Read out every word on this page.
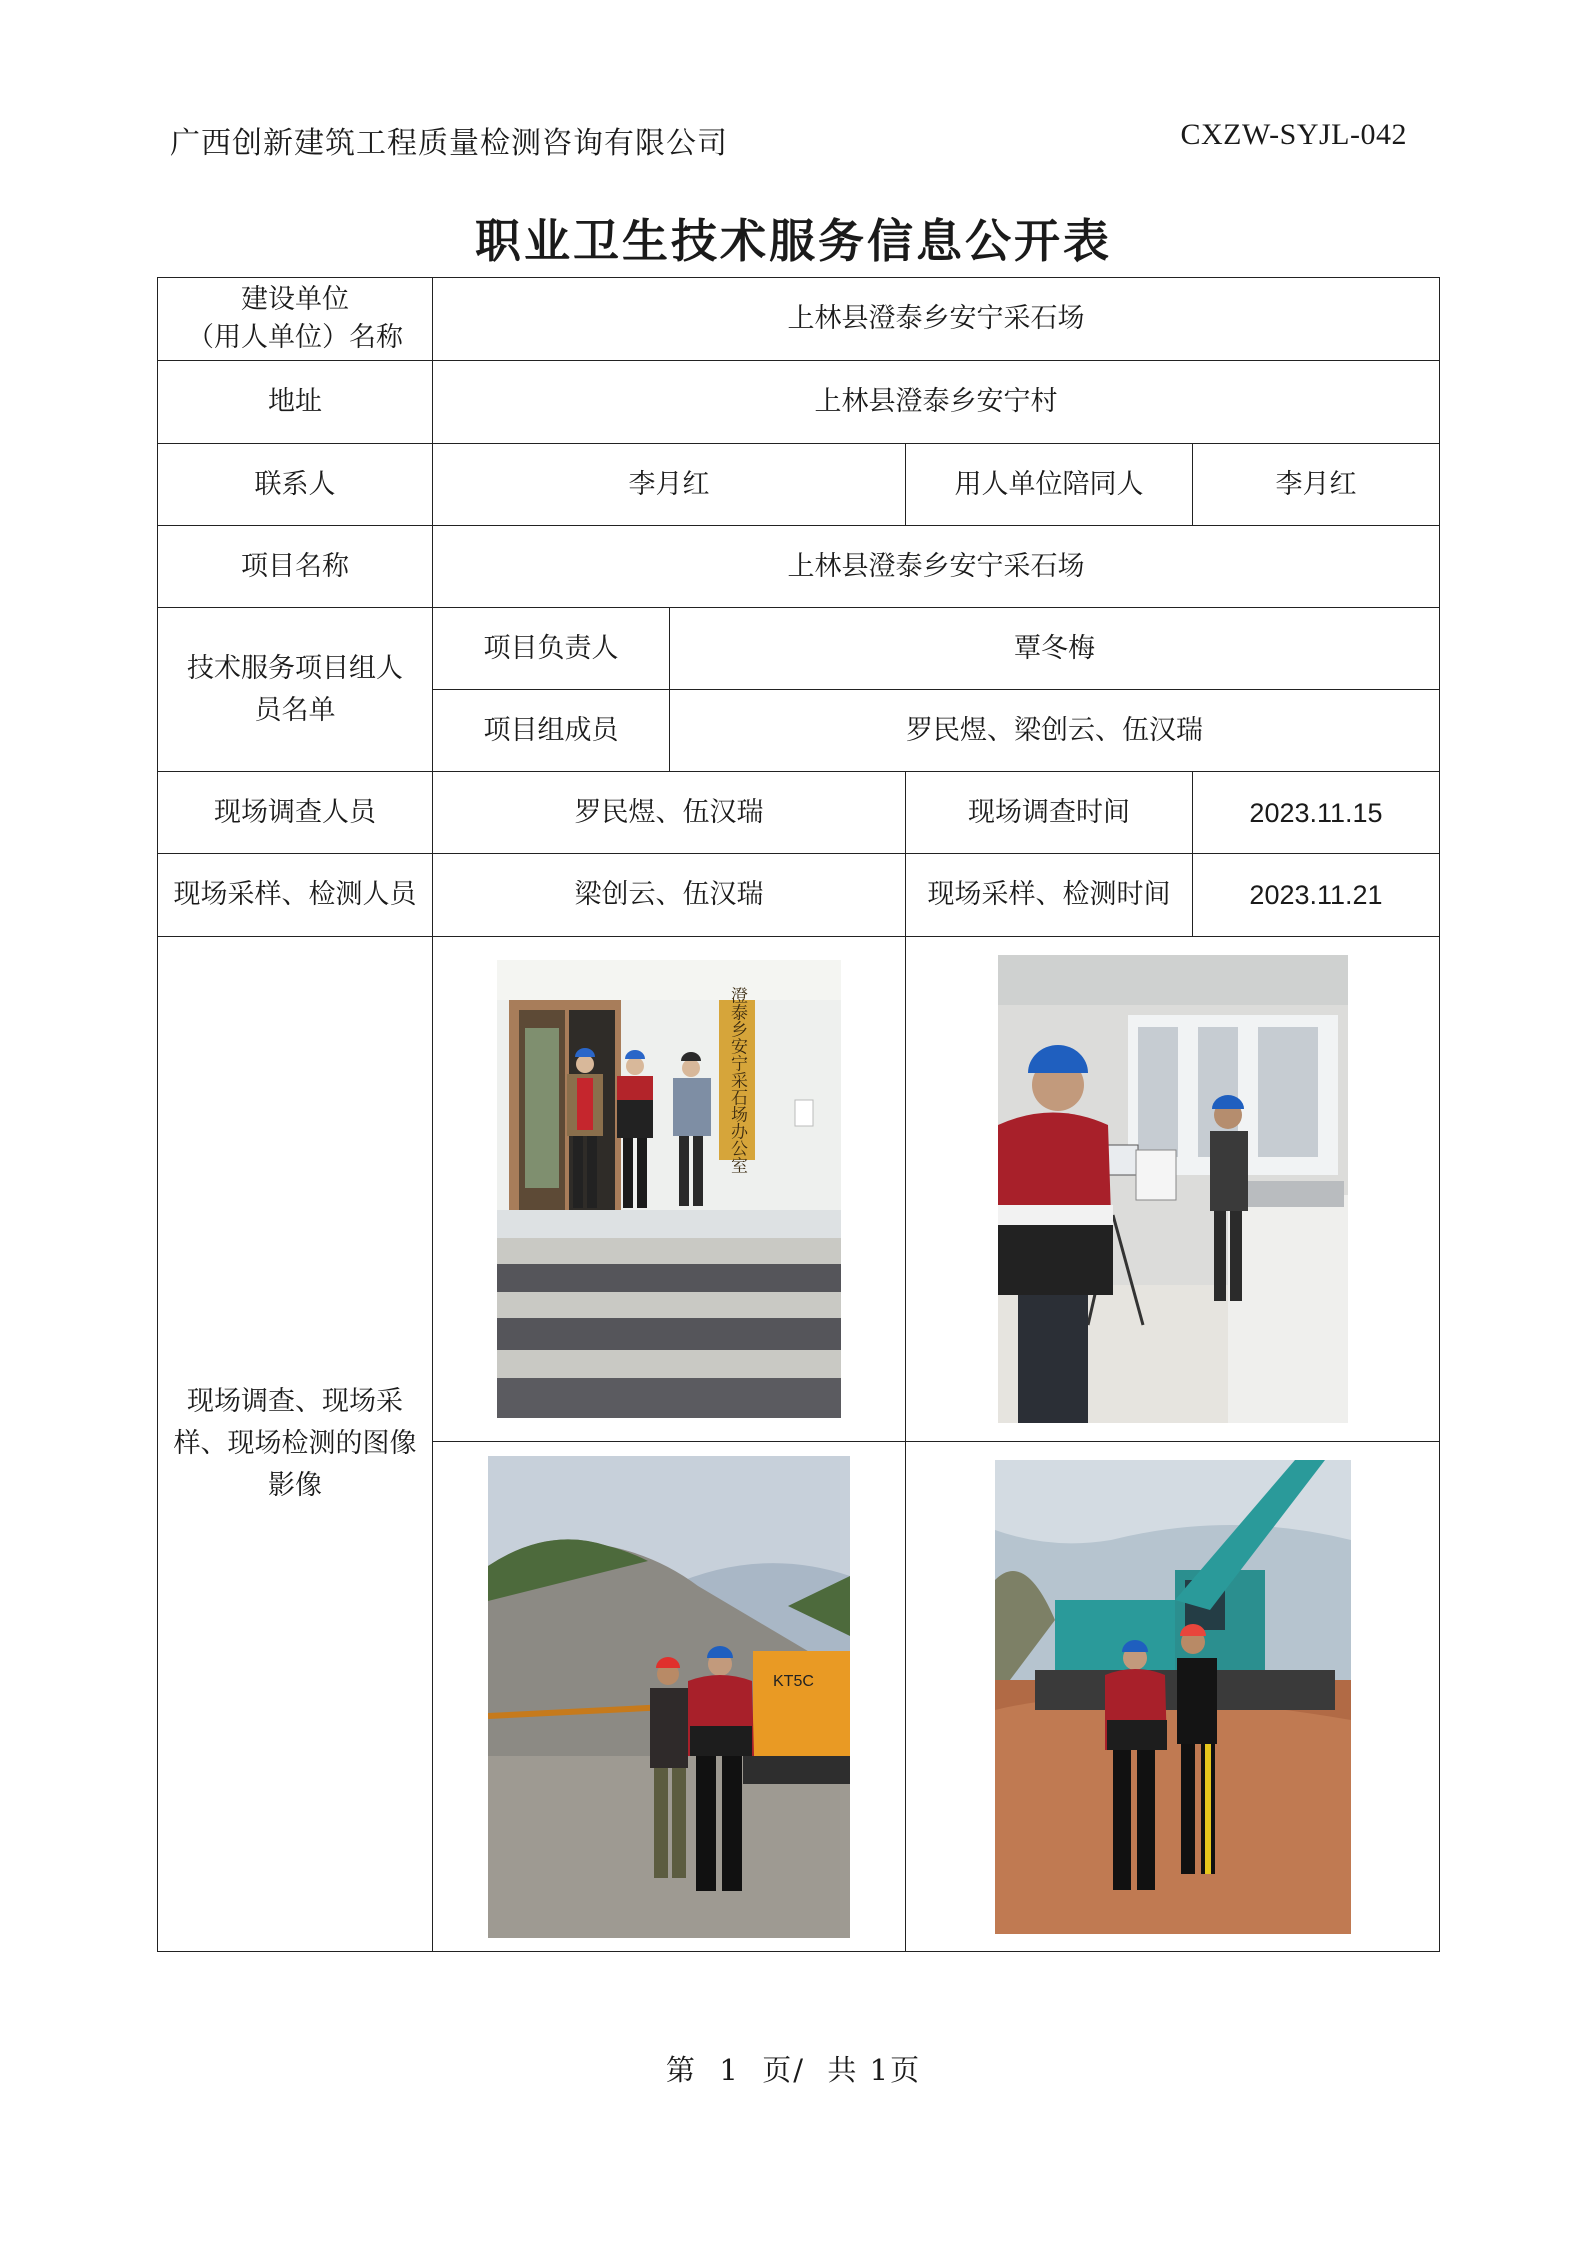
广西创新建筑工程质量检测咨询有限公司	CXZW-SYJL-042
职业卫生技术服务信息公开表
建设单位
（用人单位）名称	上林县澄泰乡安宁采石场			
地址	上林县澄泰乡安宁村			
联系人	李月红		用人单位陪同人	李月红
项目名称	上林县澄泰乡安宁采石场			
技术服务项目组人员名单	项目负责人	覃冬梅		
	项目组成员	罗民煜、梁创云、伍汉瑞		
现场调查人员	罗民煜、伍汉瑞		现场调查时间	2023.11.15
现场采样、检测人员	梁创云、伍汉瑞		现场采样、检测时间	2023.11.21
现场调查、现场采样、现场检测的图像影像	澄泰乡安宁采石场办公室

KT5C

第  1  页/  共 1页
